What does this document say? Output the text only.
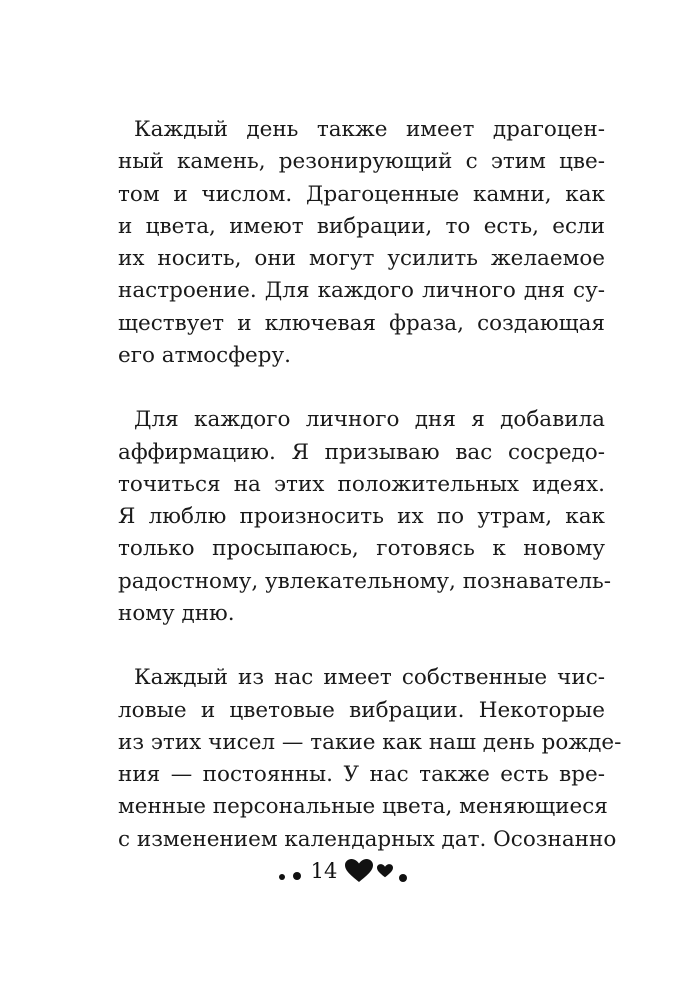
Каждый день также имеет драгоцен-
ный камень, резонирующий с этим цве-
том и числом. Драгоценные камни, как
и цвета, имеют вибрации, то есть, если
их носить, они могут усилить желаемое
настроение. Для каждого личного дня су-
ществует и ключевая фраза, создающая
его атмосферу.
Для каждого личного дня я добавила
аффирмацию. Я призываю вас сосредо-
точиться на этих положительных идеях.
Я люблю произносить их по утрам, как
только просыпаюсь, готовясь к новому
радостному, увлекательному, познаватель-
ному дню.
Каждый из нас имеет собственные чис-
ловые и цветовые вибрации. Некоторые
из этих чисел — такие как наш день рожде-
ния — постоянны. У нас также есть вре-
менные персональные цвета, меняющиеся
с изменением календарных дат. Осознанно
14
